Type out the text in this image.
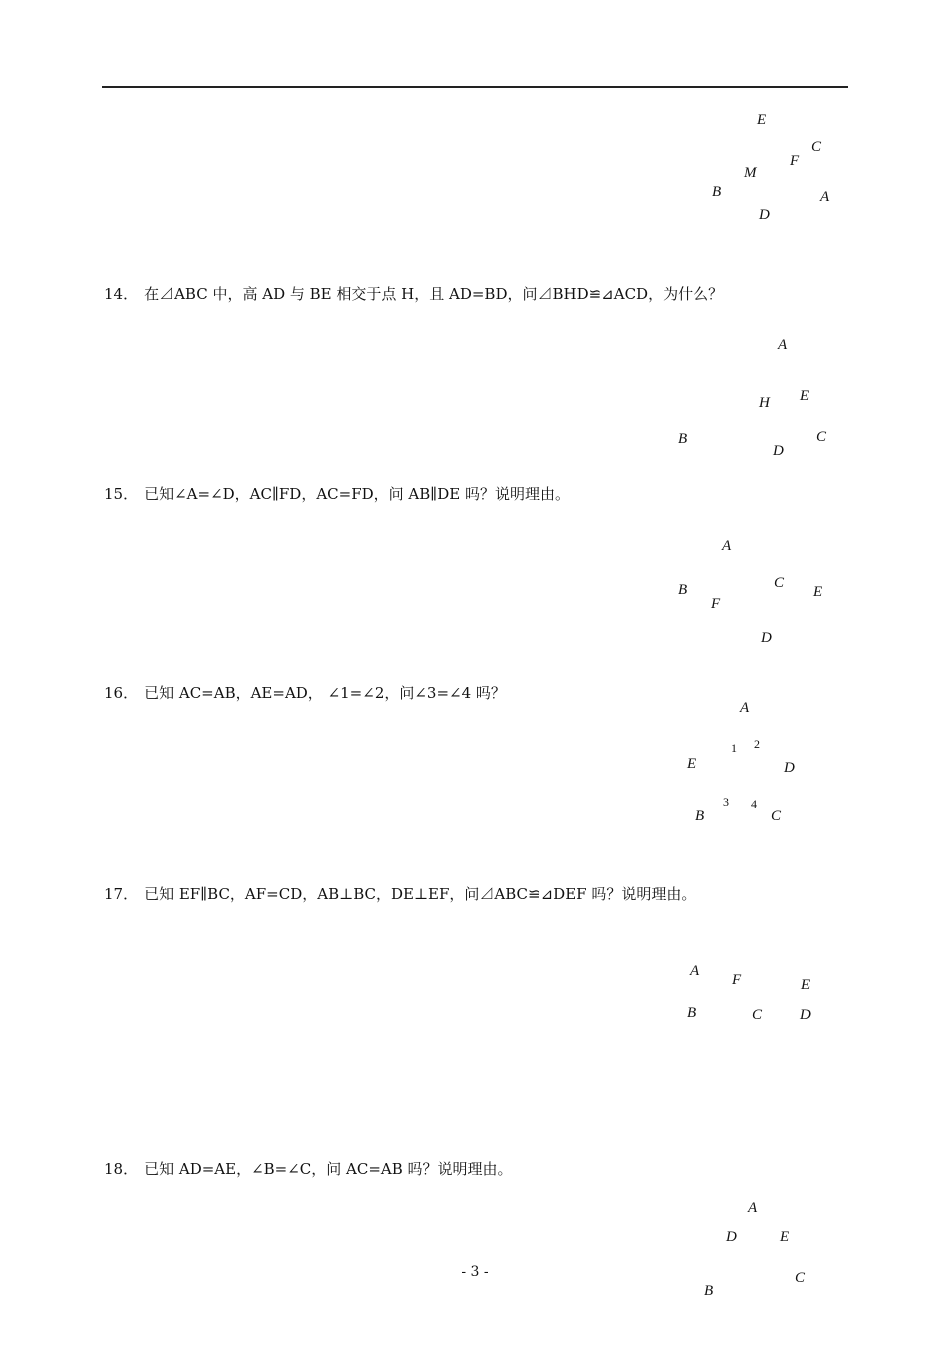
E
C
F
M
B	A
D
14． 在⊿ABC 中，高 AD 与 BE 相交于点 H，且 AD=BD，问⊿BHD≌⊿ACD，为什么？
A
H E
B	C
D
15． 已知∠A=∠D，AC∥FD，AC=FD，问 AB∥DE 吗？说明理由。
A
B	C
E
F
D
16． 已知 AC=AB，AE=AD， ∠1=∠2，问∠3=∠4 吗？
A
1 2
E	D
3 4
B	C
17． 已知 EF∥BC，AF=CD，AB⊥BC，DE⊥EF，问⊿ABC≌⊿DEF 吗？说明理由。
A
F	E
B	C	D
18． 已知 AD=AE，∠B=∠C，问 AC=AB 吗？说明理由。
A
D	E
C
B
- 3 -
